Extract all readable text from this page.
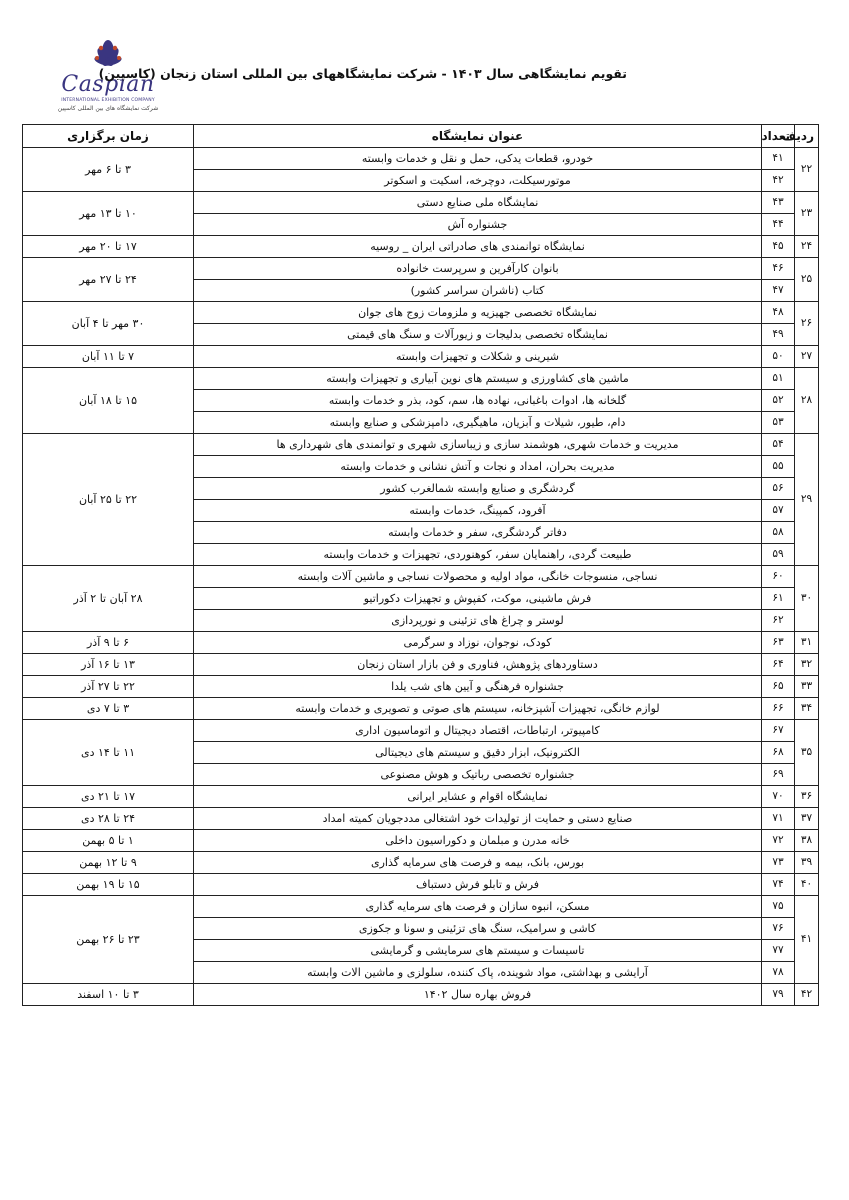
Caspian
INTERNATIONAL EXHIBITION COMPANY
شرکت نمایشگاه های بین المللی کاسپین
تقویم نمایشگاهی سال ۱۴۰۳ - شرکت نمایشگاههای بین المللی استان زنجان (کاسپین)
ردیف	تعداد	عنوان نمایشگاه	زمان برگزاری
۲۲	۴۱	خودرو، قطعات یدکی، حمل و نقل و خدمات وابسته	۳ تا ۶ مهر
	۴۲	موتورسیکلت، دوچرخه، اسکیت و اسکوتر	
۲۳	۴۳	نمایشگاه ملی صنایع دستی	۱۰ تا ۱۳ مهر
	۴۴	جشنواره آش	
۲۴	۴۵	نمایشگاه توانمندی های صادراتی ایران _ روسیه	۱۷ تا ۲۰ مهر
۲۵	۴۶	بانوان کارآفرین و سرپرست خانواده	۲۴ تا ۲۷ مهر
	۴۷	کتاب (ناشران سراسر کشور)	
۲۶	۴۸	نمایشگاه تخصصی جهیزیه و ملزومات زوج های جوان	۳۰ مهر تا ۴ آبان
	۴۹	نمایشگاه تخصصی بدلیجات و زیورآلات و سنگ های قیمتی	
۲۷	۵۰	شیرینی و شکلات و تجهیزات وابسته	۷ تا ۱۱ آبان
۲۸	۵۱	ماشین های کشاورزی و سیستم های نوین آبیاری و تجهیزات وابسته	۱۵ تا ۱۸ آبان
	۵۲	گلخانه ها، ادوات باغبانی، نهاده ها، سم، کود، بذر و خدمات وابسته	
	۵۳	دام، طیور، شیلات و آبزیان، ماهیگیری، دامپزشکی و صنایع وابسته	
۲۹	۵۴	مدیریت و خدمات شهری، هوشمند سازی و زیباسازی شهری و توانمندی های شهرداری ها	۲۲ تا ۲۵ آبان
	۵۵	مدیریت بحران، امداد و نجات و آتش نشانی و خدمات وابسته	
	۵۶	گردشگری و صنایع وابسته شمالغرب کشور	
	۵۷	آفرود، کمپینگ، خدمات وابسته	
	۵۸	دفاتر گردشگری، سفر و خدمات وابسته	
	۵۹	طبیعت گردی، راهنمایان سفر، کوهنوردی، تجهیزات و خدمات وابسته	
۳۰	۶۰	نساجی، منسوجات خانگی، مواد اولیه و محصولات نساجی و ماشین آلات وابسته	۲۸ آبان تا ۲ آذر
	۶۱	فرش ماشینی، موکت، کفپوش و تجهیزات دکوراتیو	
	۶۲	لوستر و چراغ های تزئینی و نورپردازی	
۳۱	۶۳	کودک، نوجوان، نوزاد و سرگرمی	۶ تا ۹ آذر
۳۲	۶۴	دستاوردهای پژوهش، فناوری و فن بازار استان زنجان	۱۳ تا ۱۶ آذر
۳۳	۶۵	جشنواره فرهنگی و آیین های شب یلدا	۲۲ تا ۲۷ آذر
۳۴	۶۶	لوازم خانگی، تجهیزات آشپزخانه، سیستم های صوتی و تصویری و خدمات وابسته	۳ تا ۷ دی
۳۵	۶۷	کامپیوتر، ارتباطات، اقتصاد دیجیتال و اتوماسیون اداری	۱۱ تا ۱۴ دی
	۶۸	الکترونیک، ابزار دقیق و سیستم های دیجیتالی	
	۶۹	جشنواره تخصصی رباتیک و هوش مصنوعی	
۳۶	۷۰	نمایشگاه اقوام و عشایر ایرانی	۱۷ تا ۲۱ دی
۳۷	۷۱	صنایع دستی و حمایت از تولیدات خود اشتغالی مددجویان کمیته امداد	۲۴ تا ۲۸ دی
۳۸	۷۲	خانه مدرن و مبلمان و دکوراسیون داخلی	۱ تا ۵ بهمن
۳۹	۷۳	بورس، بانک، بیمه و فرصت های سرمایه گذاری	۹ تا ۱۲ بهمن
۴۰	۷۴	فرش و تابلو فرش دستباف	۱۵ تا ۱۹ بهمن
۴۱	۷۵	مسکن، انبوه سازان و فرصت های سرمایه گذاری	۲۳ تا ۲۶ بهمن
	۷۶	کاشی و سرامیک، سنگ های تزئینی و سونا و جکوزی	
	۷۷	تاسیسات و سیستم های سرمایشی و گرمایشی	
	۷۸	آرایشی و بهداشتی، مواد شوینده، پاک کننده، سلولزی و ماشین الات وابسته	
۴۲	۷۹	فروش بهاره سال ۱۴۰۲	۳ تا ۱۰ اسفند
